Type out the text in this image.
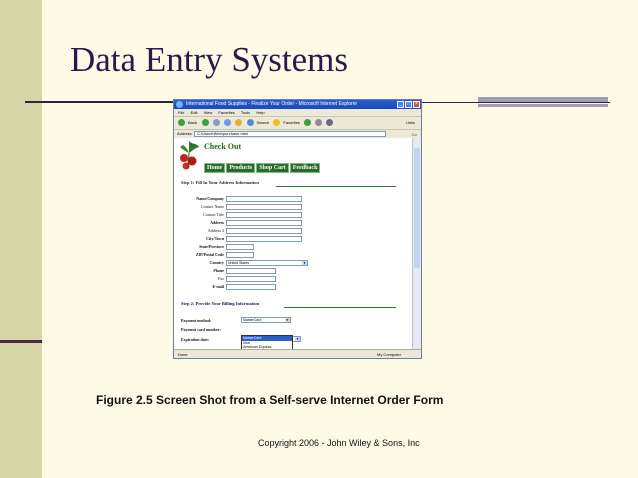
Data Entry Systems
International Food Supplies - Finalize Your Order - Microsoft Internet Explorer	_	□	×
File Edit View Favorites Tools Help
Back	Search	Favorites	Links
Address	C:\Users\Web\purchase.html	Go
Check Out
Home	Products	Shop Cart	Feedback
Step 1: Fill In Your Address Information
Name/Company
Contact Name
Contact Title
Address
Address 2
City/Town
State/Province
ZIP/Postal Code
Country	United States	▼
Phone
Fax
E-mail
Step 2: Provide Your Billing Information
Payment method:	MasterCard	▼
Payment card number:
Expiration date:	▼
MasterCard
Visa
American Express
Done	My Computer
Figure 2.5 Screen Shot from a Self-serve Internet Order Form
Copyright 2006 - John Wiley & Sons, Inc
